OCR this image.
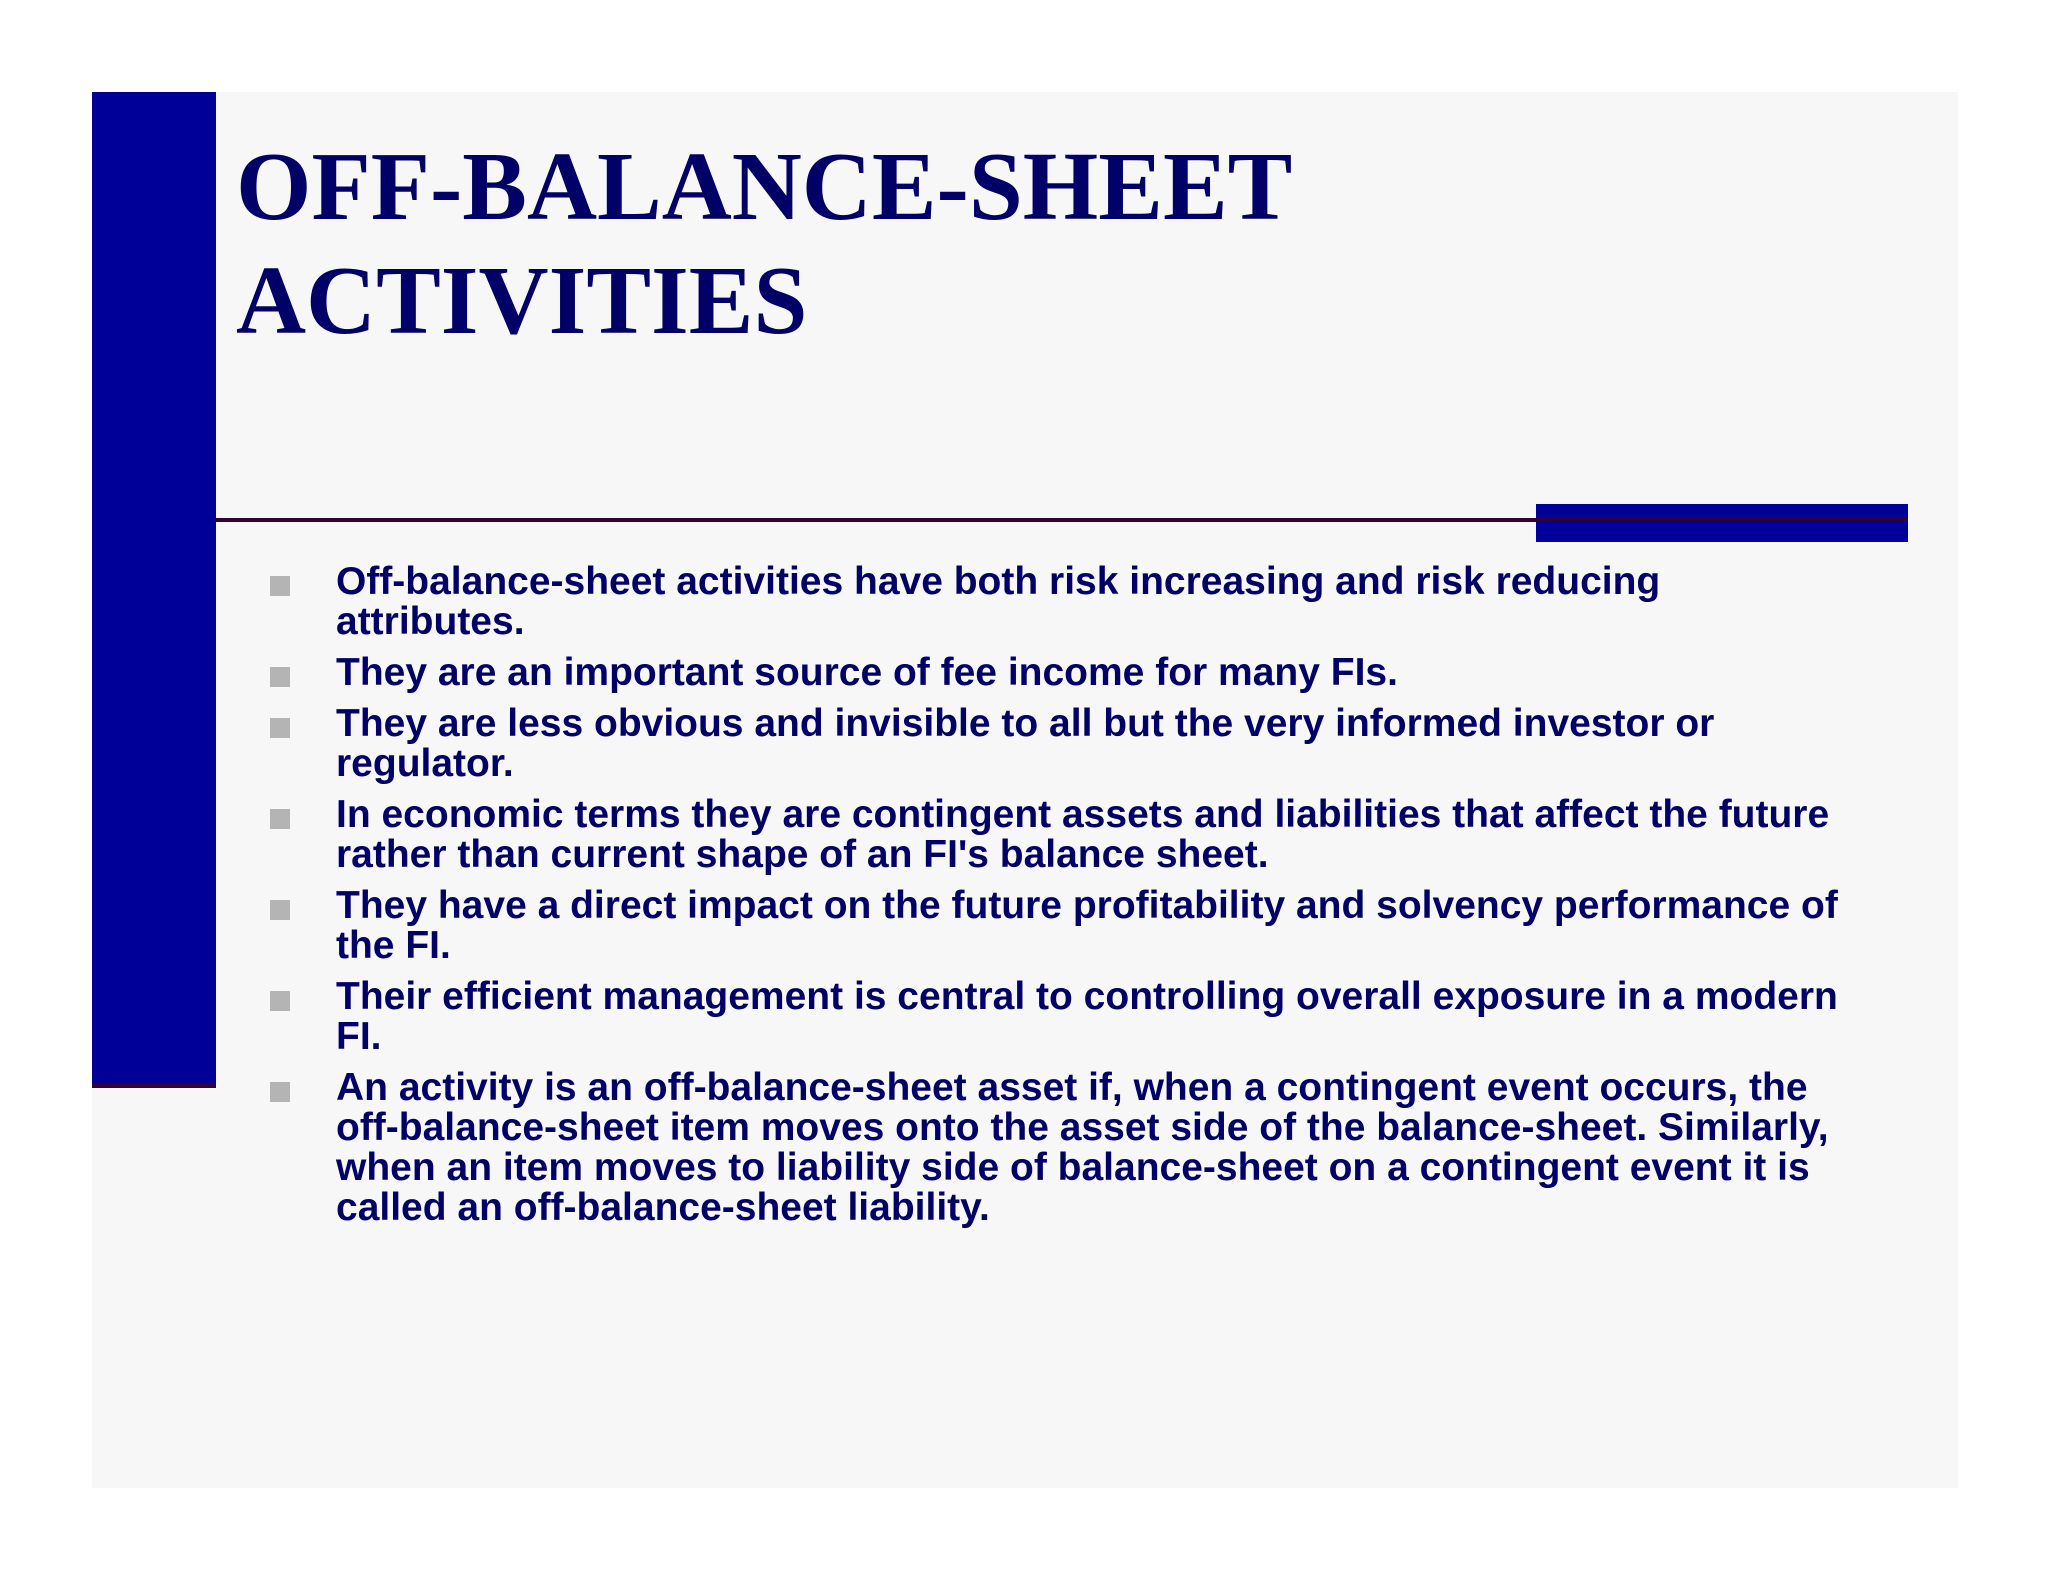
OFF-BALANCE-SHEET
ACTIVITIES
Off-balance-sheet activities have both risk increasing and risk reducing attributes.
They are an important source of fee income for many FIs.
They are less obvious and invisible to all but the very informed investor or regulator.
In economic terms they are contingent assets and liabilities that affect the future rather than current shape of an FI's balance sheet.
They have a direct impact on the future profitability and solvency performance of the FI.
Their efficient management is central to controlling overall exposure in a modern FI.
An activity is an off-balance-sheet asset if, when a contingent event occurs, the off-balance-sheet item moves onto the asset side of the balance-sheet. Similarly, when an item moves to liability side of balance-sheet on a contingent event it is called an off-balance-sheet liability.
